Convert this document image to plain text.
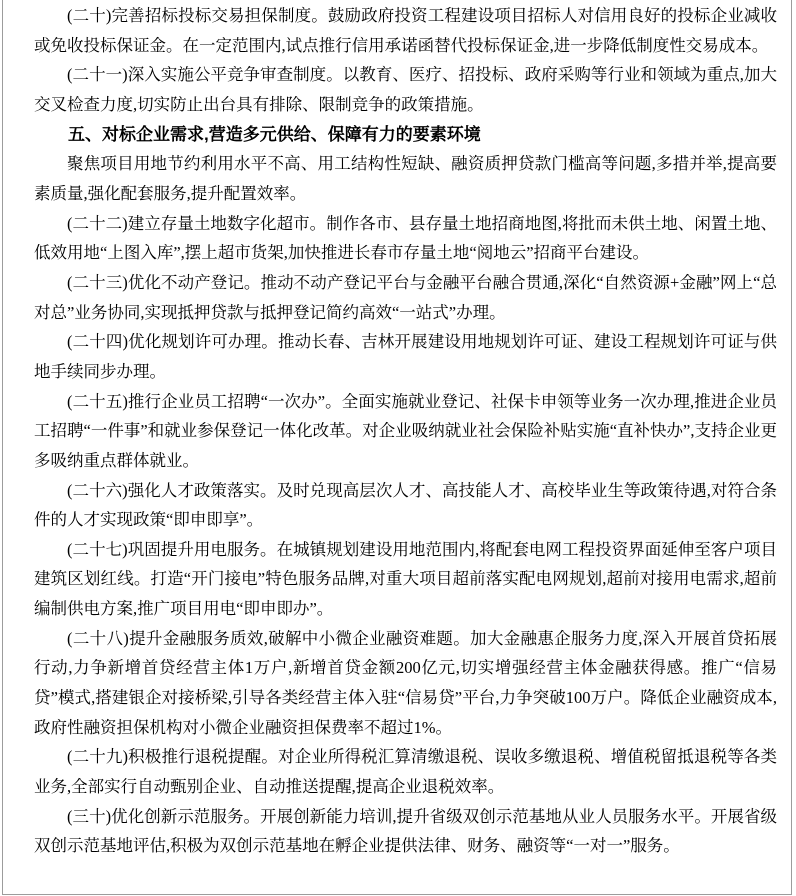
(二十)完善招标投标交易担保制度。鼓励政府投资工程建设项目招标人对信用良好的投标企业减收或免收投标保证金。在一定范围内,试点推行信用承诺函替代投标保证金,进一步降低制度性交易成本。

(二十一)深入实施公平竞争审查制度。以教育、医疗、招投标、政府采购等行业和领域为重点,加大交叉检查力度,切实防止出台具有排除、限制竞争的政策措施。

五、对标企业需求,营造多元供给、保障有力的要素环境

聚焦项目用地节约利用水平不高、用工结构性短缺、融资质押贷款门槛高等问题,多措并举,提高要素质量,强化配套服务,提升配置效率。

(二十二)建立存量土地数字化超市。制作各市、县存量土地招商地图,将批而未供土地、闲置土地、低效用地“上图入库”,摆上超市货架,加快推进长春市存量土地“阅地云”招商平台建设。

(二十三)优化不动产登记。推动不动产登记平台与金融平台融合贯通,深化“自然资源+金融”网上“总对总”业务协同,实现抵押贷款与抵押登记简约高效“一站式”办理。

(二十四)优化规划许可办理。推动长春、吉林开展建设用地规划许可证、建设工程规划许可证与供地手续同步办理。

(二十五)推行企业员工招聘“一次办”。全面实施就业登记、社保卡申领等业务一次办理,推进企业员工招聘“一件事”和就业参保登记一体化改革。对企业吸纳就业社会保险补贴实施“直补快办”,支持企业更多吸纳重点群体就业。

(二十六)强化人才政策落实。及时兑现高层次人才、高技能人才、高校毕业生等政策待遇,对符合条件的人才实现政策“即申即享”。

(二十七)巩固提升用电服务。在城镇规划建设用地范围内,将配套电网工程投资界面延伸至客户项目建筑区划红线。打造“开门接电”特色服务品牌,对重大项目超前落实配电网规划,超前对接用电需求,超前编制供电方案,推广项目用电“即申即办”。

(二十八)提升金融服务质效,破解中小微企业融资难题。加大金融惠企服务力度,深入开展首贷拓展行动,力争新增首贷经营主体1万户,新增首贷金额200亿元,切实增强经营主体金融获得感。推广“信易贷”模式,搭建银企对接桥梁,引导各类经营主体入驻“信易贷”平台,力争突破100万户。降低企业融资成本,政府性融资担保机构对小微企业融资担保费率不超过1%。

(二十九)积极推行退税提醒。对企业所得税汇算清缴退税、误收多缴退税、增值税留抵退税等各类业务,全部实行自动甄别企业、自动推送提醒,提高企业退税效率。

(三十)优化创新示范服务。开展创新能力培训,提升省级双创示范基地从业人员服务水平。开展省级双创示范基地评估,积极为双创示范基地在孵企业提供法律、财务、融资等“一对一”服务。
